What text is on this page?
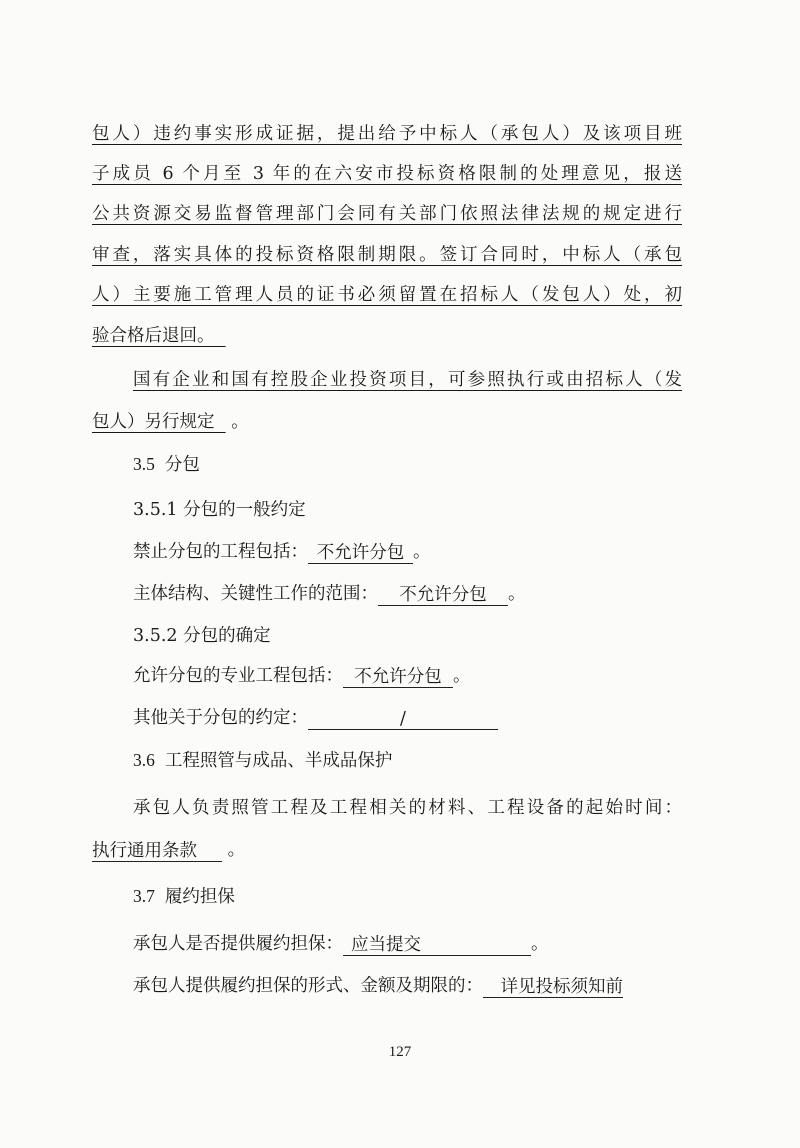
包人）违约事实形成证据，提出给予中标人（承包人）及该项目班
子成员 6 个月至 3 年的在六安市投标资格限制的处理意见，报送
公共资源交易监督管理部门会同有关部门依照法律法规的规定进行
审查，落实具体的投标资格限制期限。签订合同时，中标人（承包
人）主要施工管理人员的证书必须留置在招标人（发包人）处，初
验合格后退回。
国有企业和国有控股企业投资项目，可参照执行或由招标人（发
包人）另行规定 。
3.5 分包
3.5.1 分包的一般约定
禁止分包的工程包括： 不允许分包 。
主体结构、关键性工作的范围： 不允许分包 。
3.5.2 分包的确定
允许分包的专业工程包括： 不允许分包 。
其他关于分包的约定：	/
3.6 工程照管与成品、半成品保护
承包人负责照管工程及工程相关的材料、工程设备的起始时间：
执行通用条款 。
3.7 履约担保
承包人是否提供履约担保： 应当提交	。
承包人提供履约担保的形式、金额及期限的： 详见投标须知前
127
